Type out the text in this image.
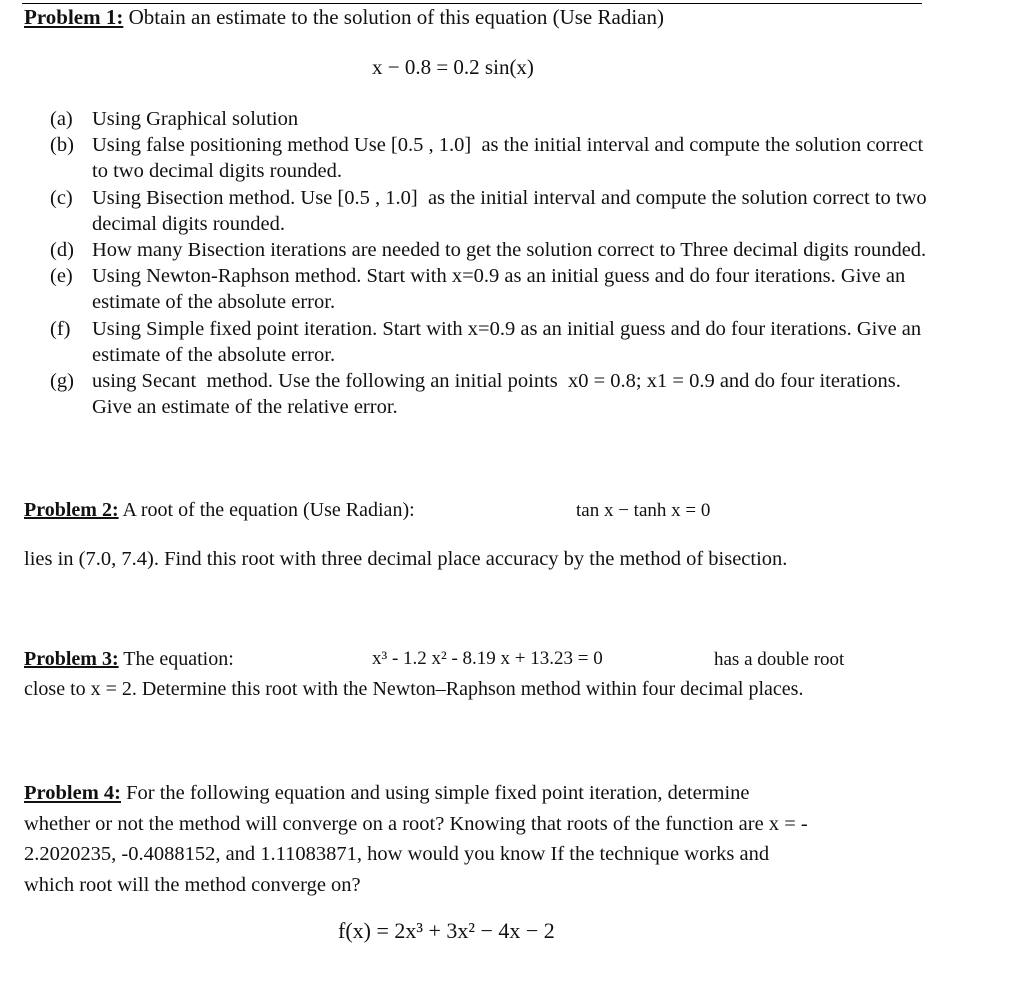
Problem 1: Obtain an estimate to the solution of this equation (Use Radian)
x − 0.8 = 0.2 sin(x)
(a) Using Graphical solution
(b) Using false positioning method Use [0.5 , 1.0]  as the initial interval and compute the solution correct to two decimal digits rounded.
(c) Using Bisection method. Use [0.5 , 1.0]  as the initial interval and compute the solution correct to two decimal digits rounded.
(d) How many Bisection iterations are needed to get the solution correct to Three decimal digits rounded.
(e) Using Newton-Raphson method. Start with x=0.9 as an initial guess and do four iterations. Give an estimate of the absolute error.
(f)	Using Simple fixed point iteration. Start with x=0.9 as an initial guess and do four iterations. Give an estimate of the absolute error.
(g) using Secant  method. Use the following an initial points  x0 = 0.8; x1 = 0.9 and do four iterations. Give an estimate of the relative error.
Problem 2: A root of the equation (Use Radian):	tan x − tanh x = 0
lies in (7.0, 7.4). Find this root with three decimal place accuracy by the method of bisection.
Problem 3: The equation:	x³ - 1.2 x² - 8.19 x + 13.23 = 0	has a double root
close to x = 2. Determine this root with the Newton–Raphson method within four decimal places.
Problem 4: For the following equation and using simple fixed point iteration, determine
whether or not the method will converge on a root? Knowing that roots of the function are x = -
2.2020235, -0.4088152, and 1.11083871, how would you know If the technique works and
which root will the method converge on?
f(x) = 2x³ + 3x² − 4x − 2
